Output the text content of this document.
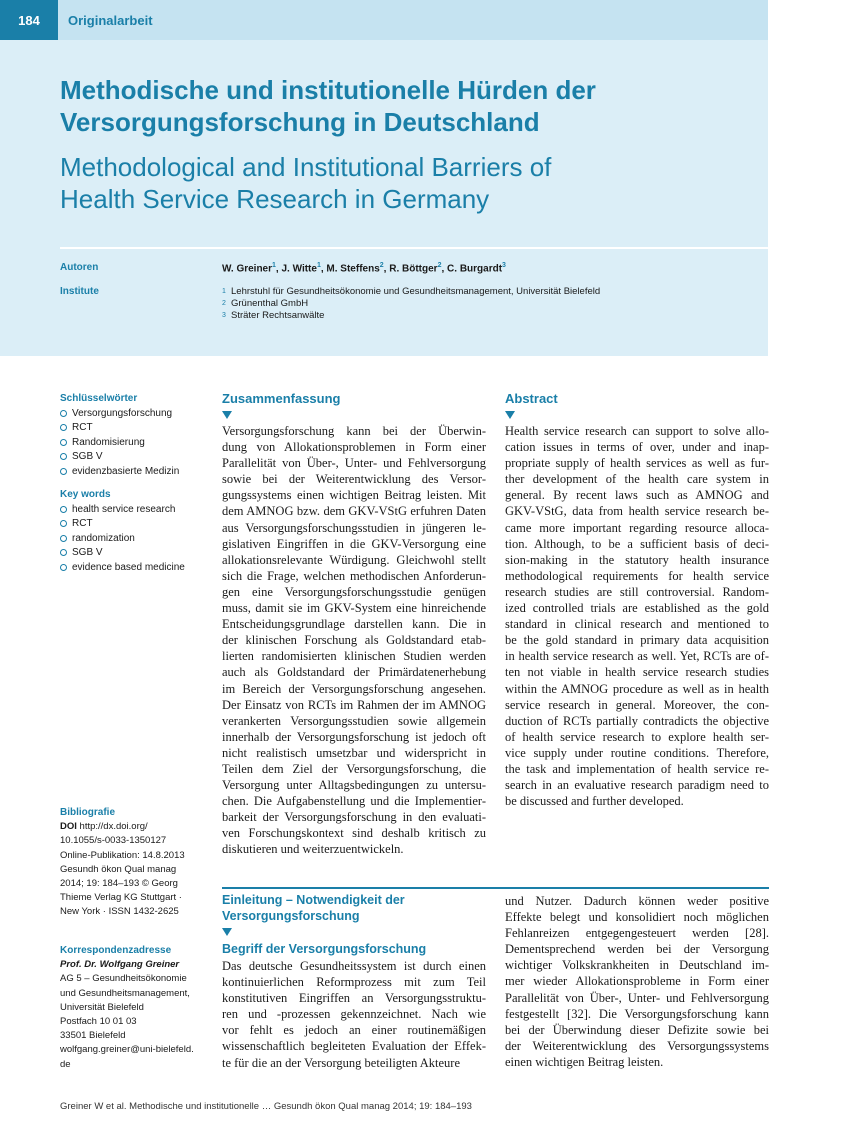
184	Originalarbeit
Methodische und institutionelle Hürden der
Versorgungsforschung in Deutschland
Methodological and Institutional Barriers of
Health Service Research in Germany
Autoren	W. Greiner$^1$, J. Witte$^1$, M. Steffens$^2$, R. Böttger$^2$, C. Burgardt$^3$
Institute	1 Lehrstuhl für Gesundheitsökonomie und Gesundheitsmanagement, Universität Bielefeld
2 Grünenthal GmbH
3 Sträter Rechtsanwälte
Schlüsselwörter
Versorgungsforschung
RCT
Randomisierung
SGB V
evidenzbasierte Medizin
Key words
health service research
RCT
randomization
SGB V
evidence based medicine
Bibliografie
DOI http://dx.doi.org/
10.1055/s-0033-1350127
Online-Publikation: 14.8.2013
Gesundh ökon Qual manag
2014; 19: 184–193 © Georg
Thieme Verlag KG Stuttgart ·
New York · ISSN 1432-2625
Korrespondenzadresse
Prof. Dr. Wolfgang Greiner
AG 5 – Gesundheitsökonomie
und Gesundheitsmanagement,
Universität Bielefeld
Postfach 10 01 03
33501 Bielefeld
wolfgang.greiner@uni-bielefeld.
de
Zusammenfassung
Versorgungsforschung kann bei der Überwin-
dung von Allokationsproblemen in Form einer
Parallelität von Über-, Unter- und Fehlversorgung
sowie bei der Weiterentwicklung des Versor-
gungssystems einen wichtigen Beitrag leisten. Mit
dem AMNOG bzw. dem GKV-VStG erfuhren Daten
aus Versorgungsforschungsstudien in jüngeren le-
gislativen Eingriffen in die GKV-Versorgung eine
allokationsrelevante Würdigung. Gleichwohl stellt
sich die Frage, welchen methodischen Anforderun-
gen eine Versorgungsforschungsstudie genügen
muss, damit sie im GKV-System eine hinreichende
Entscheidungsgrundlage darstellen kann. Die in
der klinischen Forschung als Goldstandard etab-
lierten randomisierten klinischen Studien werden
auch als Goldstandard der Primärdatenerhebung
im Bereich der Versorgungsforschung angesehen.
Der Einsatz von RCTs im Rahmen der im AMNOG
verankerten Versorgungsstudien sowie allgemein
innerhalb der Versorgungsforschung ist jedoch oft
nicht realistisch umsetzbar und widerspricht in
Teilen dem Ziel der Versorgungsforschung, die
Versorgung unter Alltagsbedingungen zu untersu-
chen. Die Aufgabenstellung und die Implementier-
barkeit der Versorgungsforschung in den evaluati-
ven Forschungskontext sind deshalb kritisch zu
diskutieren und weiterzuentwickeln.
Abstract
Health service research can support to solve allo-
cation issues in terms of over, under and inap-
propriate supply of health services as well as fur-
ther development of the health care system in
general. By recent laws such as AMNOG and
GKV-VStG, data from health service research be-
came more important regarding resource alloca-
tion. Although, to be a sufficient basis of deci-
sion-making in the statutory health insurance
methodological requirements for health service
research studies are still controversial. Random-
ized controlled trials are established as the gold
standard in clinical research and mentioned to
be the gold standard in primary data acquisition
in health service research as well. Yet, RCTs are of-
ten not viable in health service research studies
within the AMNOG procedure as well as in health
service research in general. Moreover, the con-
duction of RCTs partially contradicts the objective
of health service research to explore health ser-
vice supply under routine conditions. Therefore,
the task and implementation of health service re-
search in an evaluative research paradigm need to
be discussed and further developed.
Einleitung – Notwendigkeit der
Versorgungsforschung
Begriff der Versorgungsforschung
Das deutsche Gesundheitssystem ist durch einen
kontinuierlichen Reformprozess mit zum Teil
konstitutiven Eingriffen an Versorgungsstruktu-
ren und -prozessen gekennzeichnet. Nach wie
vor fehlt es jedoch an einer routinemäßigen
wissenschaftlich begleiteten Evaluation der Effek-
te für die an der Versorgung beteiligten Akteure
und Nutzer. Dadurch können weder positive
Effekte belegt und konsolidiert noch möglichen
Fehlanreizen entgegengesteuert werden [28].
Dementsprechend werden bei der Versorgung
wichtiger Volkskrankheiten in Deutschland im-
mer wieder Allokationsprobleme in Form einer
Parallelität von Über-, Unter- und Fehlversorgung
festgestellt [32]. Die Versorgungsforschung kann
bei der Überwindung dieser Defizite sowie bei
der Weiterentwicklung des Versorgungssystems
einen wichtigen Beitrag leisten.
Greiner W et al. Methodische und institutionelle … Gesundh ökon Qual manag 2014; 19: 184–193
